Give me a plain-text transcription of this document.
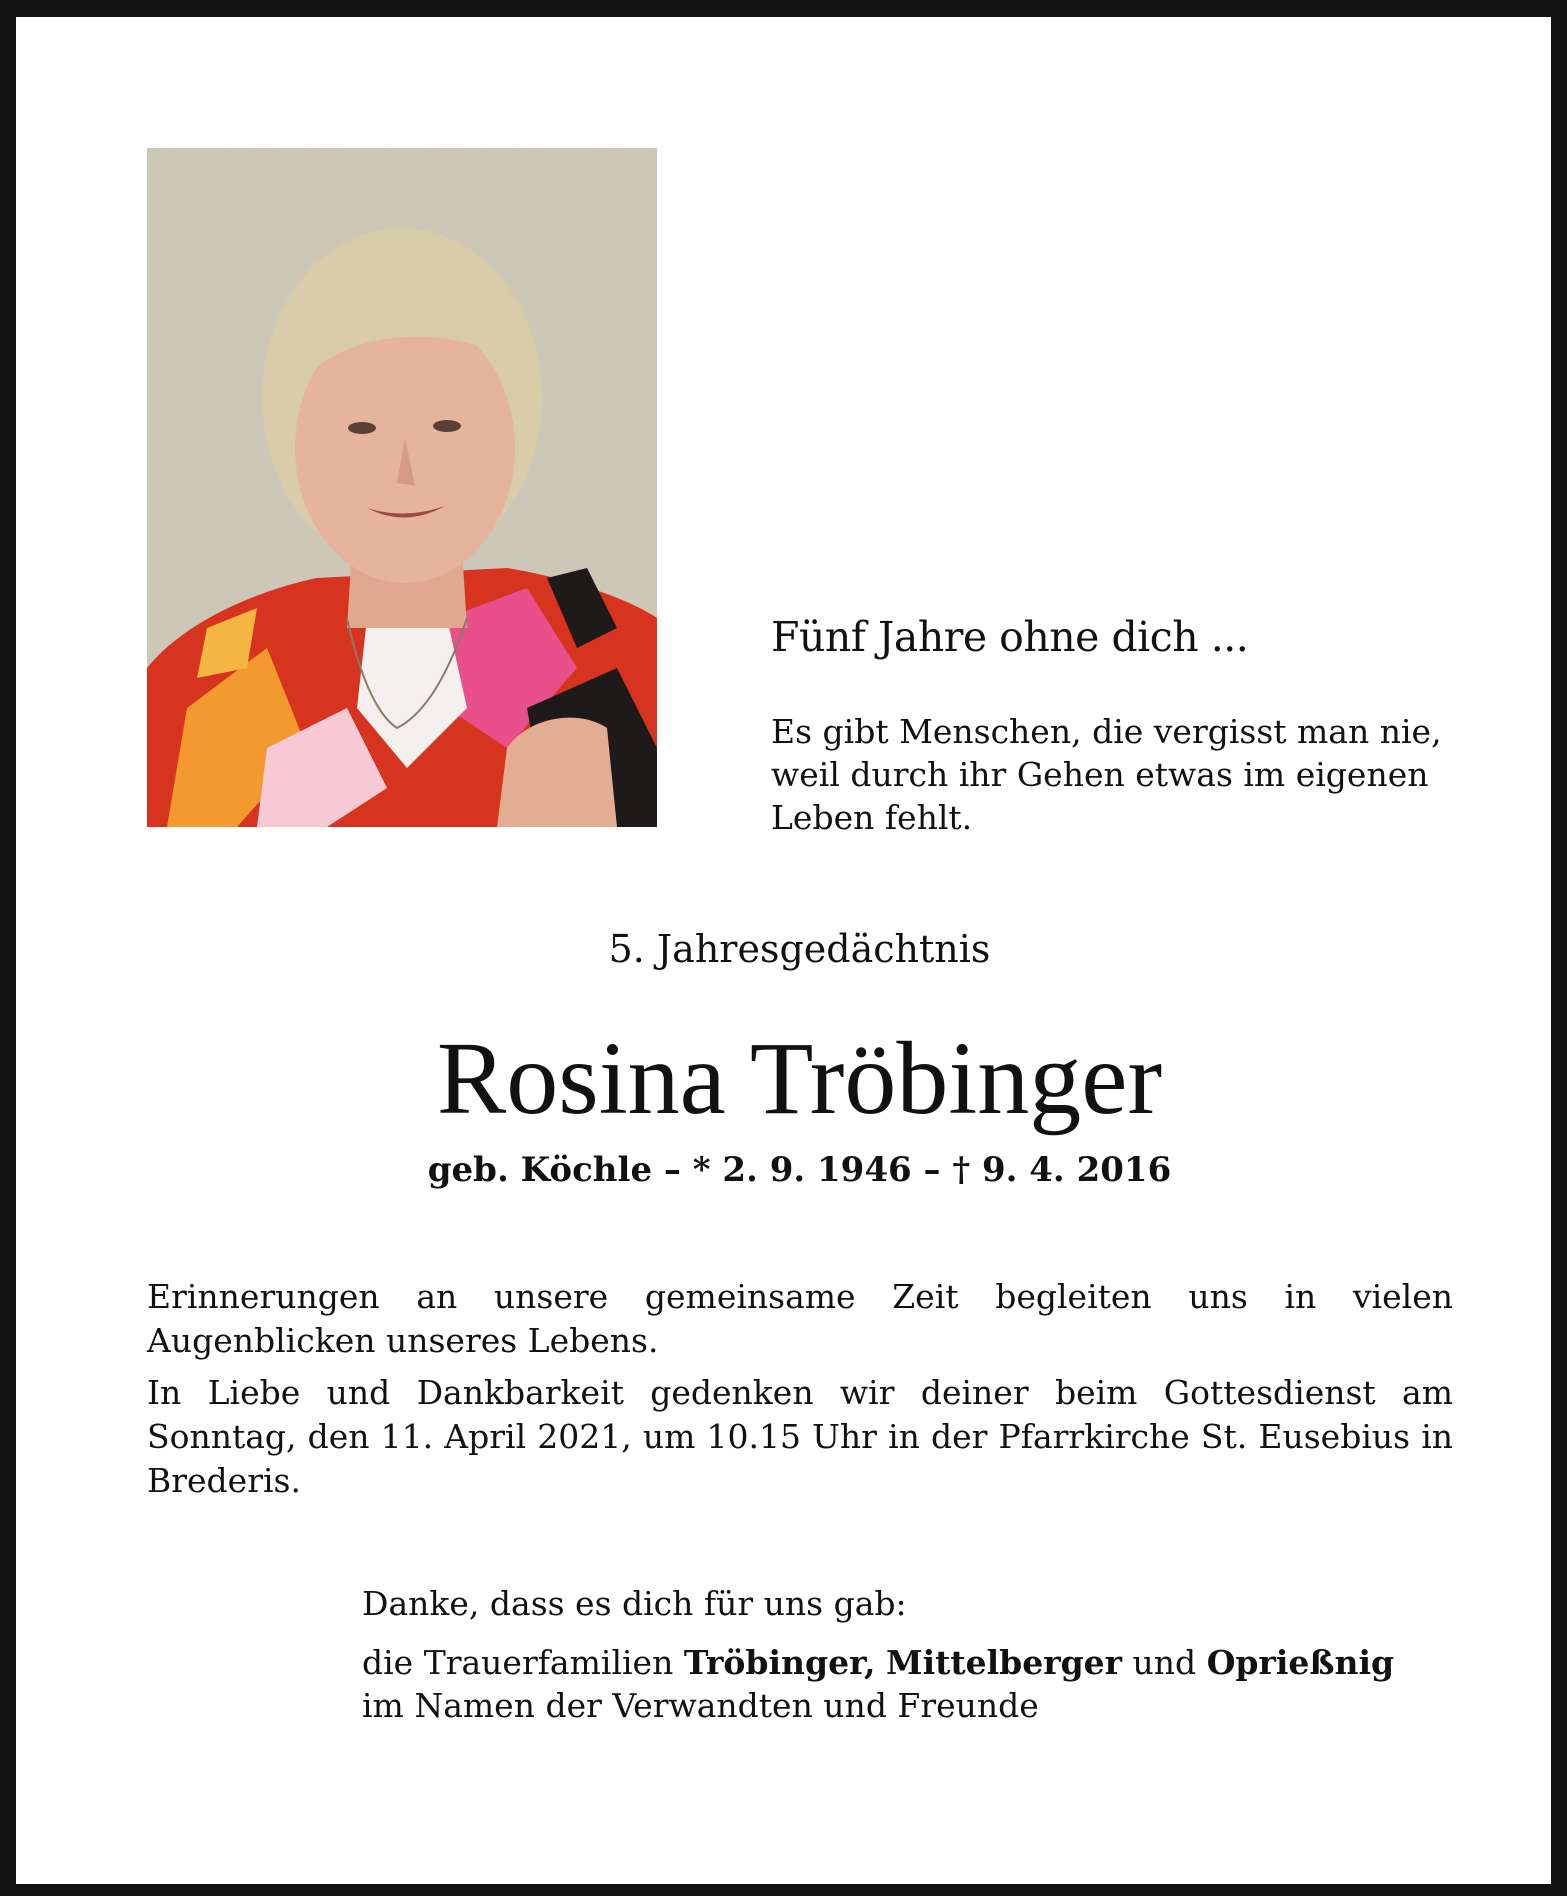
Fünf Jahre ohne dich ...
Es gibt Menschen, die vergisst man nie,
weil durch ihr Gehen etwas im eigenen
Leben fehlt.
5. Jahresgedächtnis
Rosina Tröbinger
geb. Köchle – * 2. 9. 1946 – † 9. 4. 2016

Erinnerungen an unsere gemeinsame Zeit begleiten uns in vielen Augenblicken unseres Lebens.

In Liebe und Dankbarkeit gedenken wir deiner beim Gottesdienst am Sonntag, den 11. April 2021, um 10.15 Uhr in der Pfarrkirche St. Eusebius in Brederis.

Danke, dass es dich für uns gab:
die Trauerfamilien Tröbinger, Mittelberger und Oprießnig
im Namen der Verwandten und Freunde
